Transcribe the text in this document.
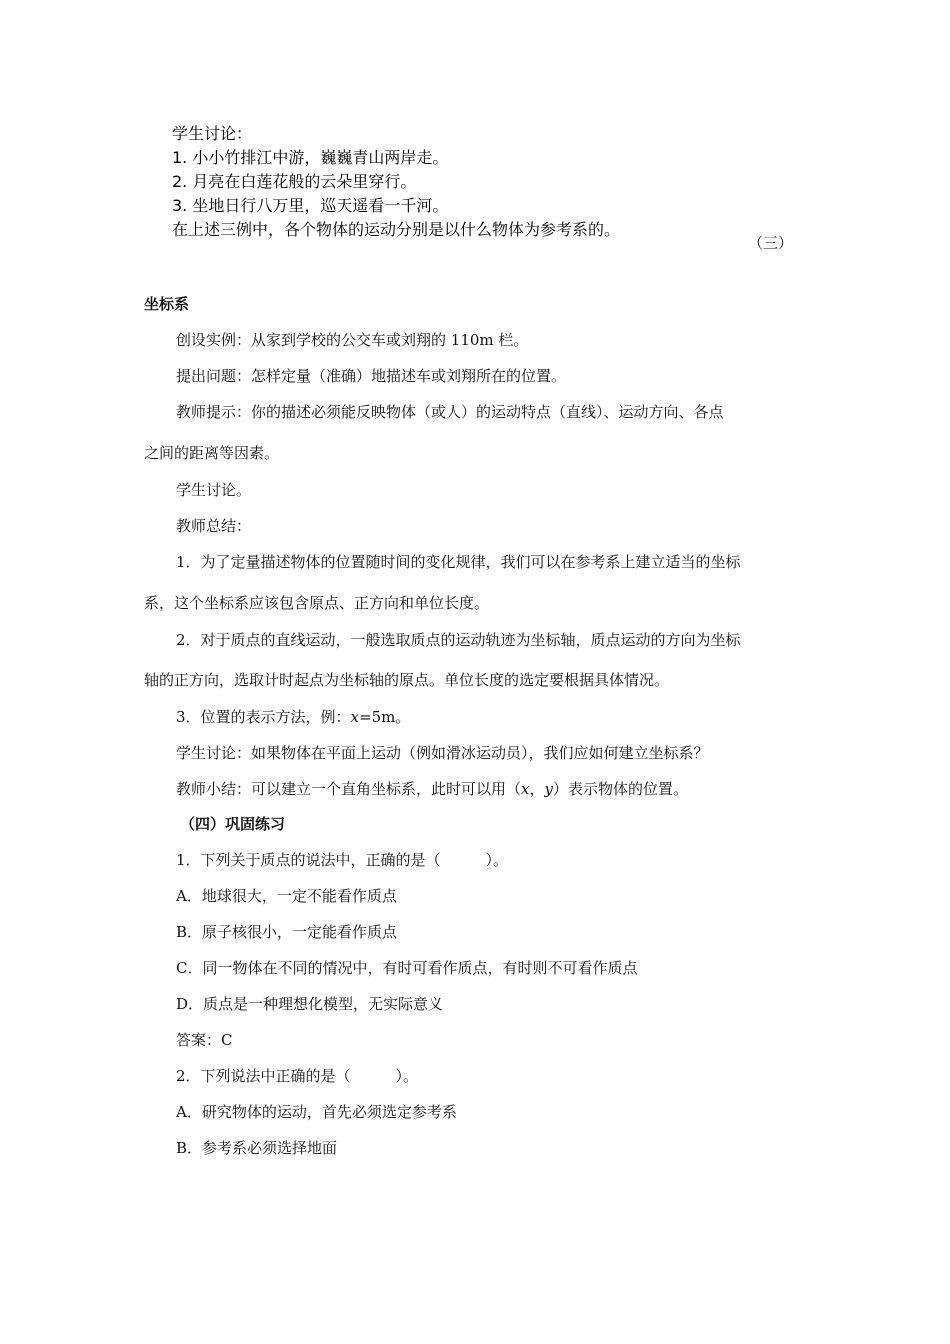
学生讨论：
1. 小小竹排江中游，巍巍青山两岸走。
2. 月亮在白莲花般的云朵里穿行。
3. 坐地日行八万里，巡天遥看一千河。
在上述三例中，各个物体的运动分别是以什么物体为参考系的。
（三）
坐标系
创设实例：从家到学校的公交车或刘翔的 110m 栏。
提出问题：怎样定量（准确）地描述车或刘翔所在的位置。
教师提示：你的描述必须能反映物体（或人）的运动特点（直线）、运动方向、各点
之间的距离等因素。
学生讨论。
教师总结：
1．为了定量描述物体的位置随时间的变化规律，我们可以在参考系上建立适当的坐标
系，这个坐标系应该包含原点、正方向和单位长度。
2．对于质点的直线运动，一般选取质点的运动轨迹为坐标轴，质点运动的方向为坐标
轴的正方向，选取计时起点为坐标轴的原点。单位长度的选定要根据具体情况。
3．位置的表示方法，例：x=5m。
学生讨论：如果物体在平面上运动（例如滑冰运动员），我们应如何建立坐标系？
教师小结：可以建立一个直角坐标系，此时可以用（x，y）表示物体的位置。
（四）巩固练习
1．下列关于质点的说法中，正确的是（　　　）。
A．地球很大，一定不能看作质点
B．原子核很小，一定能看作质点
C．同一物体在不同的情况中，有时可看作质点，有时则不可看作质点
D．质点是一种理想化模型，无实际意义
答案：C
2．下列说法中正确的是（　　　）。
A．研究物体的运动，首先必须选定参考系
B．参考系必须选择地面
